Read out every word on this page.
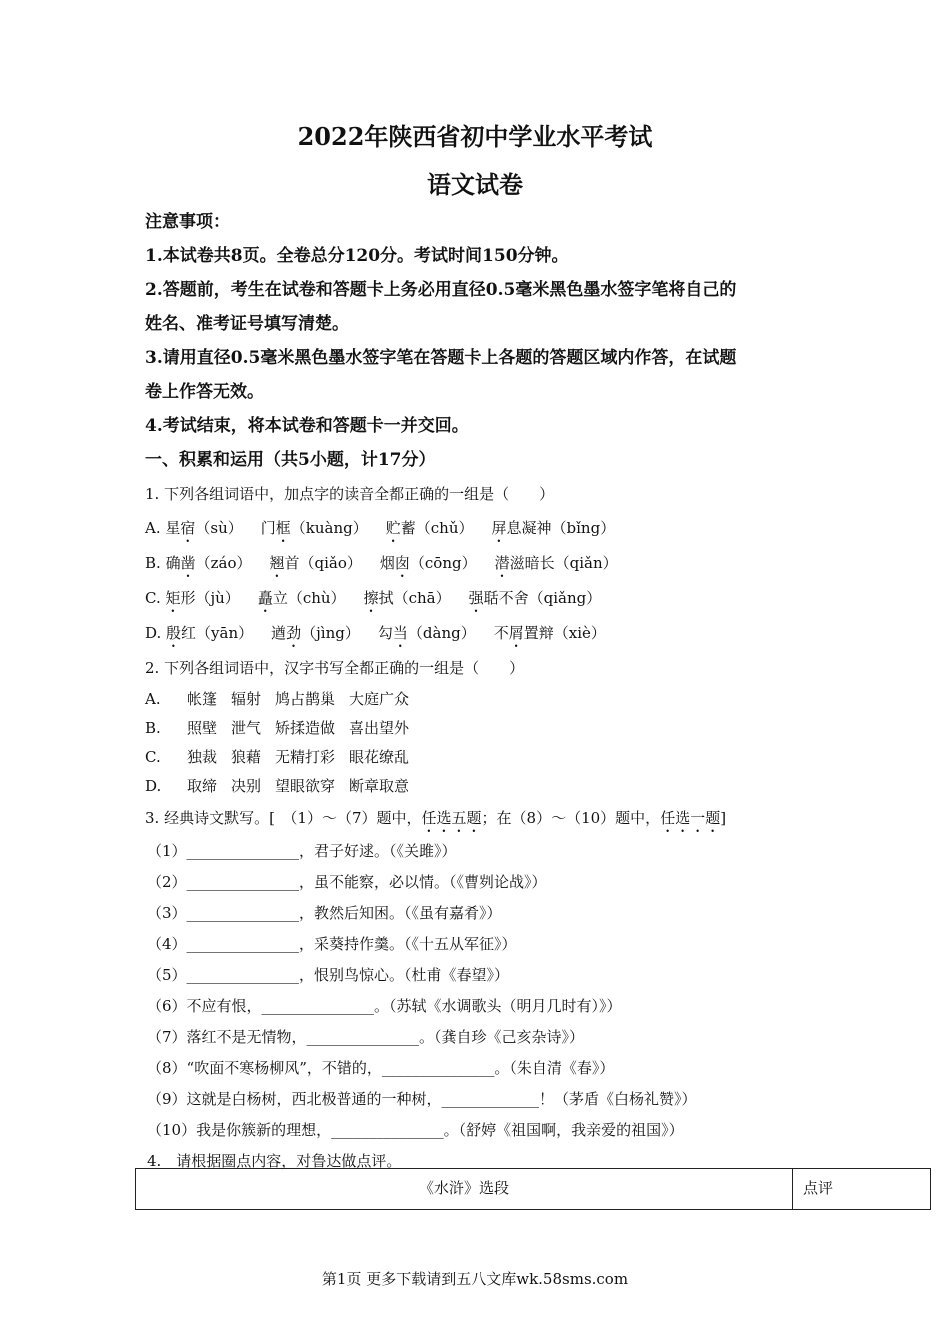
2022年陕西省初中学业水平考试
语文试卷

注意事项：

1.本试卷共8页。全卷总分120分。考试时间150分钟。

2.答题前，考生在试卷和答题卡上务必用直径0.5毫米黑色墨水签字笔将自己的

姓名、准考证号填写清楚。

3.请用直径0.5毫米黑色墨水签字笔在答题卡上各题的答题区域内作答，在试题

卷上作答无效。

4.考试结束，将本试卷和答题卡一并交回。

一、积累和运用（共5小题，计17分）

1. 下列各组词语中，加点字的读音全都正确的一组是（　　）

A. 星宿（sù） 门框（kuàng） 贮蓄（chǔ） 屏息凝神（bǐng）

B. 确凿（záo） 翘首（qiǎo） 烟囱（cōng） 潜滋暗长（qiǎn）

C. 矩形（jù） 矗立（chù） 擦拭（chā） 强聒不舍（qiǎng）

D. 殷红（yān） 遒劲（jìng） 勾当（dàng） 不屑置辩（xiè）

2. 下列各组词语中，汉字书写全都正确的一组是（　　）

A. 帐篷 辐射 鸠占鹊巢 大庭广众

B. 照壁 泄气 矫揉造做 喜出望外

C. 独裁 狼藉 无精打彩 眼花缭乱

D. 取缔 决别 望眼欲穿 断章取意

3. 经典诗文默写。[　（1）～（7）题中，任选五题；在（8）～（10）题中，任选一题]

（1）_______________，君子好逑。（《关雎》）

（2）_______________，虽不能察，必以情。（《曹刿论战》）

（3）_______________，教然后知困。（《虽有嘉肴》）

（4）_______________，采葵持作羹。（《十五从军征》）

（5）_______________，恨别鸟惊心。（杜甫《春望》）

（6）不应有恨，_______________。（苏轼《水调歌头（明月几时有）》）

（7）落红不是无情物，_______________。（龚自珍《己亥杂诗》）

（8）“吹面不寒杨柳风”，不错的，_______________。（朱自清《春》）

（9）这就是白杨树，西北极普通的一种树，_____________！（茅盾《白杨礼赞》）

（10）我是你簇新的理想，_______________。（舒婷《祖国啊，我亲爱的祖国》）

4.　请根据圈点内容，对鲁达做点评。

《水浒》选段	点评
第1页 更多下载请到五八文库wk.58sms.com
